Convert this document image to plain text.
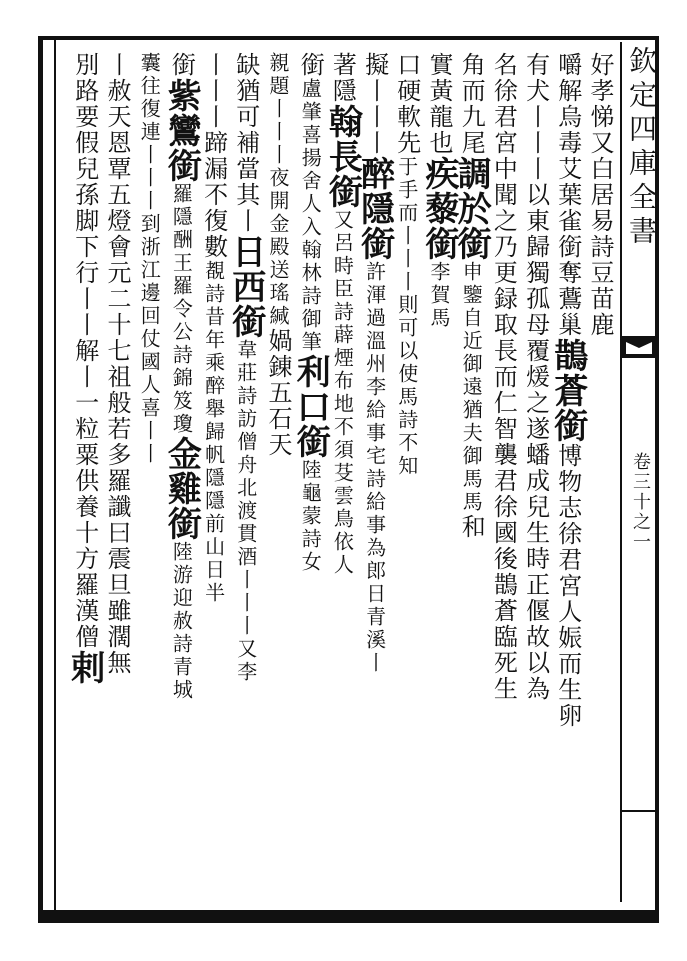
欽定四庫全書
卷三十之一
好孝悌又白居易詩豆苗鹿
嚼解烏毒艾葉雀銜奪鷰巢鵲蒼銜博物志徐君宮人娠而生卵
有犬丨丨丨以東歸獨孤母覆煖之遂蟠成兒生時正偃故以為
名徐君宮中聞之乃更録取長而仁智襲君徐國後鵲蒼臨死生
角而九尾調於銜申鑒自近御遠猶夫御馬馬和
實黃龍也疾藜銜李賀馬
口硬軟先于手而丨丨丨則可以使馬詩不知
擬丨丨丨醉隱銜許渾過溫州李給事宅詩給事為郎日青溪丨
著隱翰長銜又呂時臣詩薜煙布地不須芟雲鳥依人
銜盧肇喜揚舍人入翰林詩御筆利口銜陸龜蒙詩女
親題丨丨丨夜開金殿送瑤緘媧錬五石天
缺猶可補當其丨日西銜韋莊詩訪僧舟北渡貫酒丨丨丨又李
丨丨丨蹄漏不復數覩詩昔年乘醉舉歸帆隱隱前山日半
銜紫鸞銜羅隱酬王羅令公詩錦笈瓊金雞銜陸游迎赦詩青城
囊往復連丨丨丨到浙江邊回仗國人喜丨丨
丨赦天恩覃五燈會元二十七祖般若多羅讖曰震旦雖濶無
別路要假兒孫脚下行丨丨解丨一粒粟供養十方羅漢僧剌
